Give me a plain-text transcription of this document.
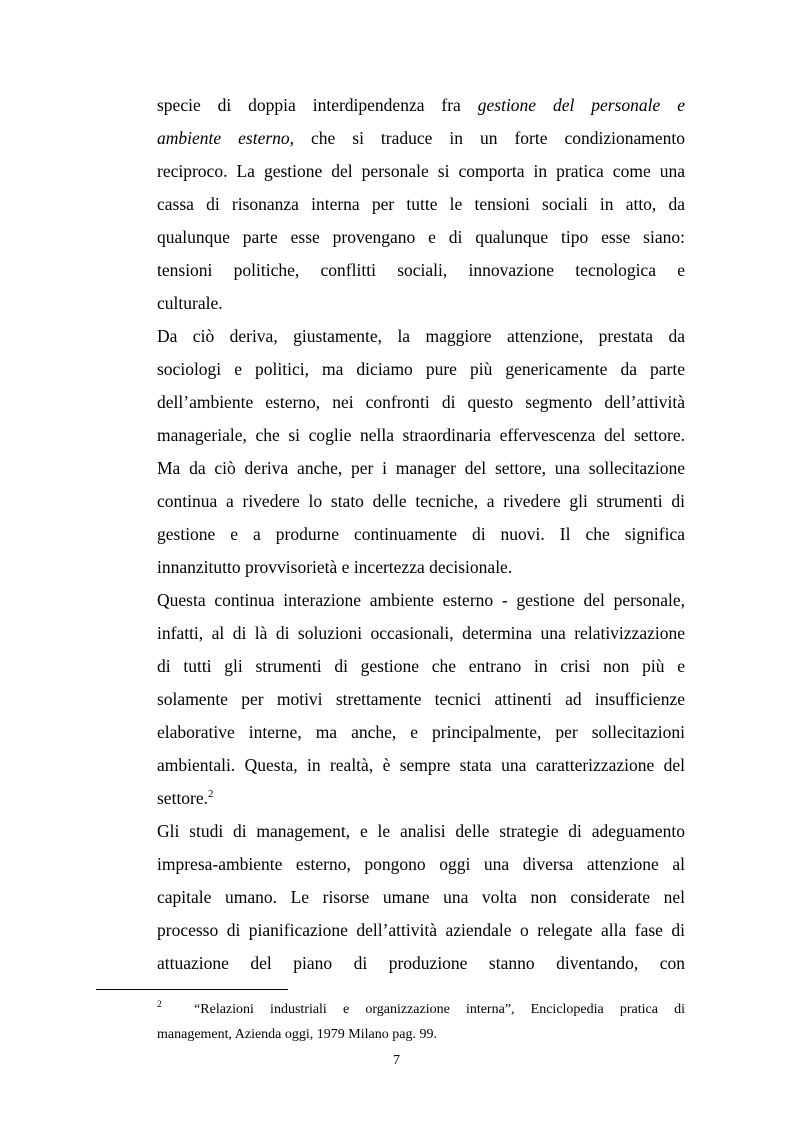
specie di doppia interdipendenza fra gestione del personale e
ambiente esterno, che si traduce in un forte condizionamento
reciproco. La gestione del personale si comporta in pratica come una
cassa di risonanza interna per tutte le tensioni sociali in atto, da
qualunque parte esse provengano e di qualunque tipo esse siano:
tensioni politiche, conflitti sociali, innovazione tecnologica e
culturale.
Da ciò deriva, giustamente, la maggiore attenzione, prestata da
sociologi e politici, ma diciamo pure più genericamente da parte
dell’ambiente esterno, nei confronti di questo segmento dell’attività
manageriale, che si coglie nella straordinaria effervescenza del settore.
Ma da ciò deriva anche, per i manager del settore, una sollecitazione
continua a rivedere lo stato delle tecniche, a rivedere gli strumenti di
gestione e a produrne continuamente di nuovi. Il che significa
innanzitutto provvisorietà e incertezza decisionale.
Questa continua interazione ambiente esterno - gestione del personale,
infatti, al di là di soluzioni occasionali, determina una relativizzazione
di tutti gli strumenti di gestione che entrano in crisi non più e
solamente per motivi strettamente tecnici attinenti ad insufficienze
elaborative interne, ma anche, e principalmente, per sollecitazioni
ambientali. Questa, in realtà, è sempre stata una caratterizzazione del
settore.$^2$
Gli studi di management, e le analisi delle strategie di adeguamento
impresa-ambiente esterno, pongono oggi una diversa attenzione al
capitale umano. Le risorse umane una volta non considerate nel
processo di pianificazione dell’attività aziendale o relegate alla fase di
attuazione del piano di produzione stanno diventando, con
$^2$ “Relazioni industriali e organizzazione interna”, Enciclopedia pratica di
management, Azienda oggi, 1979 Milano pag. 99.
7
